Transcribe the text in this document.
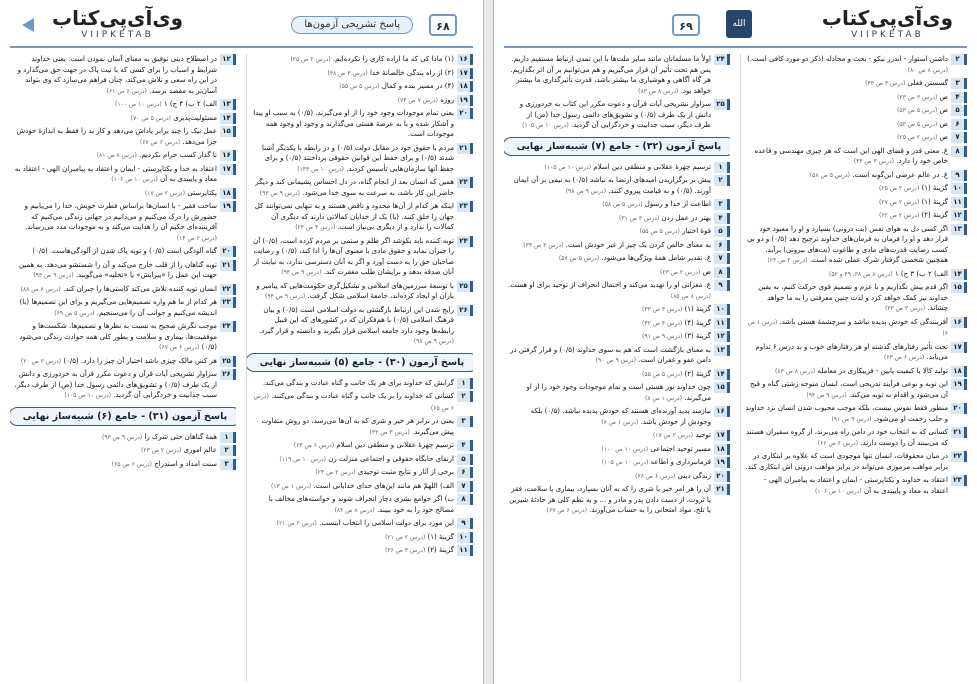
وی‌آی‌پی‌کتاب
VIIPKETAB
پاسخ تشریحی آزمون‌ها	۶۸
۱۶
(۱) ماذا کی که ما اراده کاری را نکرده‌ایم. (درس ۲ ص ۲۵)
۱۷
(۲) از راه بندگی خالصانهٔ خدا (درس ۳ ص ۳۸)
۱۸
(۴) در مسیر بنده و کمال (درس ۵ ص ۵۵)
۱۹
روزه (درس ۷ ص ۷۴)
۲۰
یعنی تمام موجودات وجود خود را از او می‌گیرند. (۰/۵) به سبب او پیدا و آشکار شده و با به عرصهٔ هستی می‌گذارند و وجود او وجود همه موجودات است.
۲۱
مردم با حقوق خود در مقابل دولت (۰/۵) و در رابطه با یکدیگر آشنا شدند (۰/۵) و برای حفظ این قوانین حقوقی پرداختند (۰/۵) و برای حفظ آنها سازمان‌هایی تأسیس کردند. (درس ۱۰ ص ۱۴۴)
۲۲
همین که انسان بعد از انجام گناه، در دل احساس پشیمانی کند و دیگر حاضر این کار باشد، به سرعت به سوی خدا می‌شود. (درس ۹ ص ۹۳)
۲۳
اینکه هر کدام از آن‌ها محدود و ناقص هستند و به تنهایی نمی‌توانند کل جهان را خلق کنند. (یا) یک از خدایان کمالاتی دارند که دیگری آن کمالات را ندارد و از دیگری بی‌نیاز است. (درس ۴ ص ۲۳)
۲۴
توبه کننده باید بکوشد اگر ظلم و ستمی بر مردم کرده است، (۰/۵) آن را جبران نماید و حقوق مادی یا معنوی آن‌ها را ادا کند، (۰/۵) و رضایت صاحبان حق را به دست آورد و اگر به آنان دسترسی ندارد، به نیابت از آنان صدقه بدهد و برایشان طلب مغفرت کند. (درس ۹ ص ۹۳)
۲۵
با توسعهٔ سرزمین‌های اسلامی و تشکیل‌گری حکومت‌هایی که پیامبر و یاران او ایجاد کرده‌اند، جامعهٔ اسلامی شکل گرفت. (درس ۹ ص ۹۴)
۲۶
رایج شدن این ارتباط بازگشتی به دولت اسلامی است (۰/۵) و بیان فرهنگ اسلامی (۰/۵) با هم‌فکران که در کشورهای که این قبیل رابطه‌ها وجود دارد جامعه اسلامی قرار بگیرند و دانسته و قرار گیرد. (درس ۹ ص ۹۸)
پاسخ آزمون (۳۰) - جامع (۵) شبیه‌ساز نهایی
۱
گرایش که خداوند برای هر یک جانب و گناه عبادت و بندگی می‌کند.
۲
کسانی که خداوند را بر یک جانب و گناه عبادت و بندگی می‌کنند. (درس ۶ ص ۶۵)
۳
یعنی در برابر هر خیر و شری که به آن‌ها می‌رسد، دو روش متفاوت پیش می‌گیرند. (درس ۳ ص ۳۳)
۴
ترسیم چهرهٔ عقلانی و منطقی دین اسلام (درس ۶ ص ۶۴)
۵
ارتقای جایگاه حقوقی و اجتماعی منزلت زن (درس ۱۰ ص ۱۱۹)
۶
برخی از آثار و نتایج مثبت توحیدی (درس ۲ ص ۲۴)
۷
الف) اللهمّ هم مانند این‌های خدای خدایانی است. (درس ۱ ص ۱۳)
۸
ب) اگر جوامع بشری دچار انحراف شوند و خواسته‌های مخالف با مصالح خود را به خود ببیند. (درس ۸ ص ۸۴)
۹
این مورد برای دولت اسلامی را انتخاب ابتسب. (درس ۲ ص ۲۱)
۱۰
گزینهٔ (۱) (درس ۲ ص ۲۱)
۱۱
گزینهٔ (۲) (درس ۳ ص ۳۶)
۱۲
در اصطلاح دینی توفیق به معنای آسان نمودن است. یعنی خداوند شرایط و اسباب را برای کسی که با نیت پاک در جهت حق می‌گذارد و در این راه سعی و تلاش می‌کند، چنان فراهم می‌سازد که وی بتواند آسان‌تر به مقصد برسد. (درس ۶ ص ۶۱)
۱۳
الف) ۲ ب) ۴ ج) ۱ (درس ۱۰ ص ۱۰۰)
۱۴
مسئولیت‌پذیری (درس ۵ ص ۷۰)
۱۵
عمل نیک را چند برابر پاداش می‌دهد و کار بد را فقط به اندازهٔ خودش جزا می‌دهد. (درس ۶ ص ۶۷)
۱۶
تا گذار کسب حرام نکردیم. (درس ۸ ص ۸۱)
۱۷
اعتقاد به خدا و یکتاپرستی - ایمان و اعتقاد به پیامبران الهی - اعتقاد به معاد و پایبندی به آن (درس ۱۰ ص ۱۰۶)
۱۸
یکتاپرستی (درس ۲ ص ۱۷)
۱۹
ساخت فقیر - با انسان‌ها براساس فطرت خویش، خدا را می‌یابیم و حضورش را درک می‌کنیم و می‌دانیم در جهانی زندگی می‌کنیم که آفریننده‌ای حکیم آن را هدایت می‌کند و به موجودات مدد می‌رساند. (درس ۲ ص ۱۴)
۲۰
گناه آلودگی است (۰/۵) و توبه پاک شدن از آلودگی‌هاست. (۰/۵)
۲۱
توبه گناهان را از قلب خارج می‌کند و آن را شستشو می‌دهد. به همین جهت این عمل را «پیرایش» یا «تخلیه» می‌گویند. (درس ۹ ص ۹۳)
۲۲
انسان توبه کننده تلاش می‌کند کاستی‌ها را جبران کند. (درس ۸ ص ۸۸)
۲۳
هر کدام از ما هم واره تصمیم‌هایی می‌گیریم و برای این تصمیم‌ها (با) اندیشه می‌کنیم و جوانب آن را می‌سنجیم. (درس ۵ ص ۶۹)
۲۴
موجب نگرش صحیح به نسبت به نظرها و تصمیم‌ها، شکست‌ها و موفقیت‌ها، بیماری و سلامت و بطور کلی همه حوادث زندگی می‌شود (۰/۵) (درس ۶ ص ۶۷)
۲۵
هر کس مالک چیزی باشد اختیار آن چیز را دارد. (۰/۵) (درس ۲ ص ۲۰)
۲۶
سزاوار تشریحی آیات قرآن و دعوت مکرر قرآن به خردورزی و دانش از یک طرف (۰/۵) و تشویق‌های دائمی رسول خدا (ص) از طرف دیگر، سبب جذابیت و خردگرایی آن گردید. (درس ۱۰ ص ۱۰۵)
پاسخ آزمون (۳۱) - جامع (۶) شبیه‌ساز نهایی
۱
همهٔ گناهان حتی شرک را (درس ۹ ص ۹۳)
۲
عالم اموری (درس ۲ ص ۲۳)
۳
سنت امداد و استدراج (درس ۶ ص ۶۵)
الله	وی‌آی‌پی‌کتاب
VIIPKETAB
۶۹
۲
داشتن استوار - اندرز نیکو - بحث و مجادله (ذکر دو مورد کافی است.) (درس ۸ ص ۸۰)
۳
گسستن فعلی (درس ۳ ص ۳۳)
۴
ص (درس ۳ ص ۳۳)
۵
ص (درس ۵ ص ۵۳)
۶
ص (درس ۵ ص ۵۳)
۷
ص (درس ۲ ص ۲۵)
۸
غ. معنی قدر و قضای الهی این است که هر چیزی مهندسی و قاعده خاص خود را دارد. (درس ۴ ص ۴۴)
۹
غ. در عالم عرضی این‌گونه است. (درس ۵ ص ۵۸)
۱۰
گزینهٔ (۱) (درس ۲ ص ۲۵)
۱۱
گزینهٔ (۱) (درس ۲ ص ۲۷)
۱۲
گزینهٔ (۲) (درس ۲ ص ۲۲)
۱۳
اگر کسی دل به هوای نفس (بت درونی) بسپارد و او را معبود خود قرار دهد و او را فرمان به فرمان‌های خداوند ترجیح دهد (۰/۵) و دو بی کسب رضایت قدرت‌های مادی و طاغوت (بت‌های بیرونی) برآید، همچنین شخصی گرفتار شرک عملی شده است. (درس ۲ ص ۲۳)
۱۴
الف) ۲ ب) ۳ ج) ۱ (درس ۸ ص ۳۸، ۴۹ و ۵۲)
۱۵
اگر قدم پیش نگذاریم و با عزم و تصمیم قوی حرکت کنیم، به یقین خداوند نیز کمک خواهد کرد و لذت چنین معرفتی را به ما خواهد چشاند. (درس ۳ ص ۳۳)
۱۶
آفرینندگی که خودش پدیده نباشد و سرچشمهٔ هستی باشد. (درس ۱ ص ۶)
۱۷
تحت تأثیر رفتارهای گذشته او هر رفتارهای خوب و بد درس ۶ تداوم می‌یابد. (درس ۶ ص ۶۳)
۱۸
تولید کالا یا کیفیت پایین - فریبکاری در معامله (درس ۸ ص ۸۳)
۱۹
این توبه و نوعی فرآیند تدریجی است، انسان متوجه زشتی گناه و قبح آن می‌شود و اقدام به توبه می‌کند. (درس ۹ ص ۹۴)
۲۰
منظور فقط نفوس نیست، بلکه موجب محبوب شدن انسان نزد خداوند و جلب رحمت او می‌شود. (درس ۹ ص ۹۱)
۲۱
کسانی که به انتخاب خود در دامن راه می‌برند، از گروه سفیران هستند که می‌بینند آن را دوست دارند. (درس ۶ ص ۶۶)
۲۲
در میان محقوقات، انسان تنها موجودی است که علاوه بر ابتکاری در برابر مواهب مرموزی می‌تواند در برابر مواهب درونی اش ابتکاری کند.
۲۳
اعتقاد به خداوند و یکتاپرستی - ایمان و اعتقاد به پیامبران الهی - اعتقاد به معاد و پایبندی به آن (درس ۱۰ ص ۱۰۶)
۲۴
اولاً ما مسلمانان مانند سایر ملت‌ها با این تمدن ارتباط مستقیم داریم. پس هم تحت تأثیر آن قرار می‌گیریم و هم می‌توانیم بر آن اثر بگذاریم. هر گاه آگاهی و هوشیاری ما بیشتر باشد، قدرت تأثیرگذاری ما بیشتر خواهد بود. (درس ۸ ص ۸۳)
۲۵
سزاوار تشریحی آیات قرآن و دعوت مکرر این کتاب به خردورزی و دانش از یک طرف (۰/۵) و تشویق‌های دائمی رسول خدا (ص) از طرف دیگر، سبب جذابیت و خردگرایی آن گردید. (درس ۱۰ ص ۱۰۵)
پاسخ آزمون (۳۲) - جامع (۷) شبیه‌ساز نهایی
۱
ترسیم چهرهٔ عقلانی و منطقی دین اسلام (درس ۱۰ ص ۱۰۵)
۲
پیش بر برگزاریدن امیدهای ارتضا به نباشد (۰/۵) به نیمی بر آن ایمان آورند. (۰/۵) و به قیامت پیروی کنند. (درس ۹ ص ۹۸)
۳
اطاعت از خدا و رسول (درس ۵ ص ۵۸)
۴
بهتر در عمل زدن (درس ۳ ص ۳۱)
۵
قوهٔ اختیار (درس ۵ ص ۵۵)
۶
به معنای خالص کردن یک چیز از غیر خودش است. (درس ۳ ص ۳۴)
۷
غ. تقدیر شامل همهٔ ویژگی‌ها می‌شود. (درس ۵ ص ۵۷)
۸
ص (درس ۲ ص ۲۳)
۹
غ. مغرانی او را تهدید می‌کند و احتمال انحراف از توحید برای او هست. (درس ۸ ص ۸۵)
۱۰
گزینهٔ (۱) (درس ۳ ص ۳۳)
۱۱
گزینهٔ (۴) (درس ۴ ص ۴۲)
۱۲
گزینهٔ (۳) (درس ۹ ص ۹۱)
۱۳
به معنای بازگشت است که هم به سوی خداوند (۰/۵) و قرار گرفتن در دامن عفو و غفران است. (درس ۹ ص ۹۰)
۱۴
گزینهٔ (۲) (درس ۵ ص ۵۵)
۱۵
چون خداوند نور هستی است و تمام موجودات وجود خود را از او می‌گیرند. (درس ۱ ص ۸)
۱۶
نیازمند پدید آورنده‌ای هستند که خودش پدیده نباشد. (۰/۵) بلکه وجودش از خودش باشد. (درس ۱ ص ۶)
۱۷
توحید (درس ۲ ص ۱۷)
۱۸
مسیر توحید اجتماعی (درس ۱۰ ص ۱۰۰)
۱۹
فرمانبرداری و اطاعه (درس ۱۰ ص ۱۰۵)
۲۰
زندگی دینی (درس ۶ ص ۶۶)
۲۱
آن را هر امر خیر یا شری را که به آنان بسپارد، بیماری یا سلامت، فقر یا ثروت، از دست دادن پدر و مادر و ... و به نظم کلی هر حادثهٔ شیرین یا تلخ، مواد امتحانی را به حساب می‌آورند. (درس ۶ ص ۶۷)
